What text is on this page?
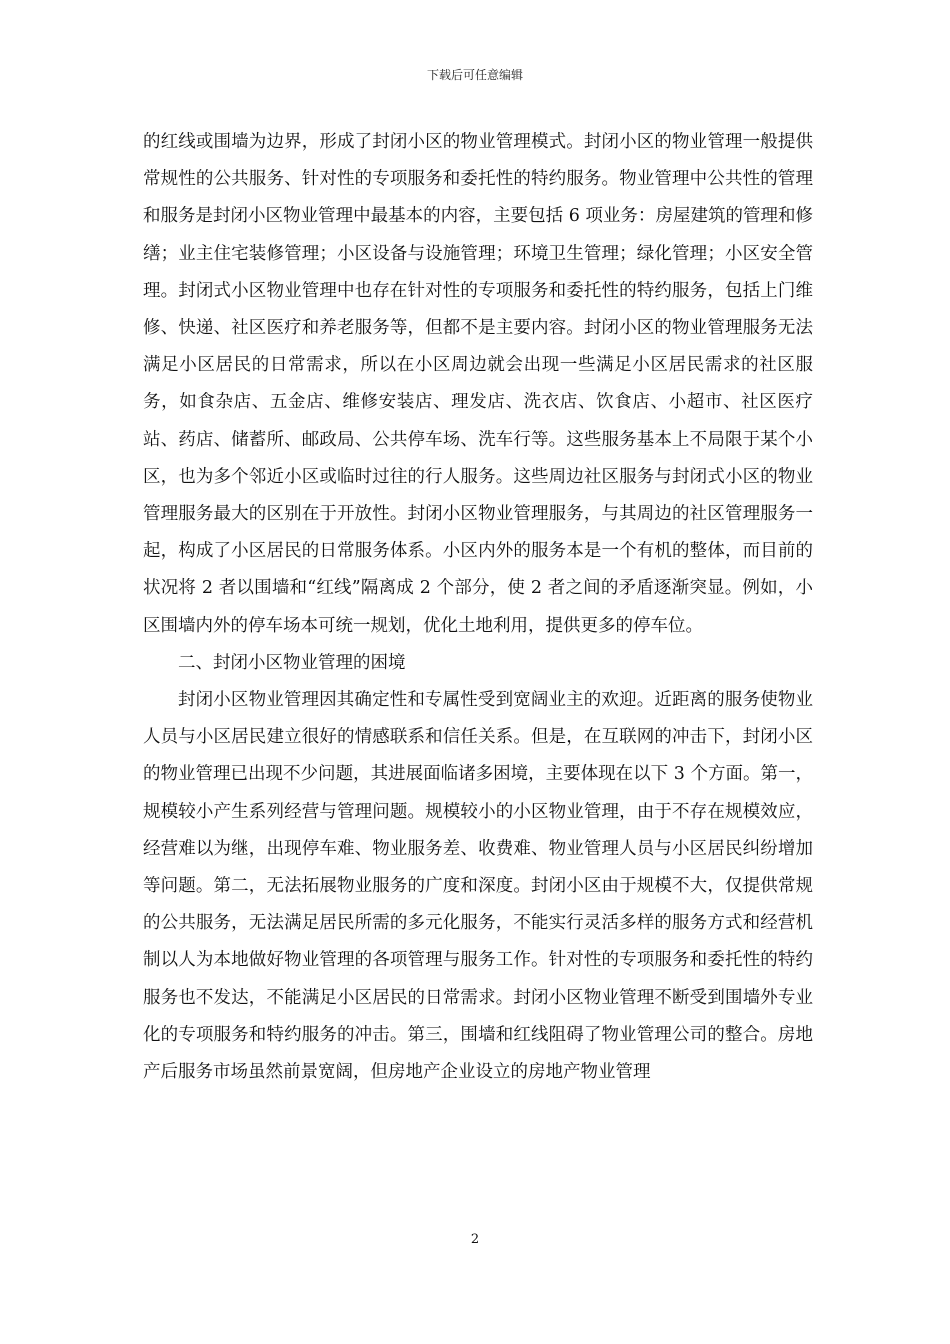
下载后可任意编辑

的红线或围墙为边界，形成了封闭小区的物业管理模式。封闭小区的物业管理一般提供常规性的公共服务、针对性的专项服务和委托性的特约服务。物业管理中公共性的管理和服务是封闭小区物业管理中最基本的内容，主要包括 6 项业务：房屋建筑的管理和修缮；业主住宅装修管理；小区设备与设施管理；环境卫生管理；绿化管理；小区安全管理。封闭式小区物业管理中也存在针对性的专项服务和委托性的特约服务，包括上门维修、快递、社区医疗和养老服务等，但都不是主要内容。封闭小区的物业管理服务无法满足小区居民的日常需求，所以在小区周边就会出现一些满足小区居民需求的社区服务，如食杂店、五金店、维修安装店、理发店、洗衣店、饮食店、小超市、社区医疗站、药店、储蓄所、邮政局、公共停车场、洗车行等。这些服务基本上不局限于某个小区，也为多个邻近小区或临时过往的行人服务。这些周边社区服务与封闭式小区的物业管理服务最大的区别在于开放性。封闭小区物业管理服务，与其周边的社区管理服务一起，构成了小区居民的日常服务体系。小区内外的服务本是一个有机的整体，而目前的状况将 2 者以围墙和“红线”隔离成 2 个部分，使 2 者之间的矛盾逐渐突显。例如，小区围墙内外的停车场本可统一规划，优化土地利用，提供更多的停车位。

二、封闭小区物业管理的困境

封闭小区物业管理因其确定性和专属性受到宽阔业主的欢迎。近距离的服务使物业人员与小区居民建立很好的情感联系和信任关系。但是，在互联网的冲击下，封闭小区的物业管理已出现不少问题，其进展面临诸多困境，主要体现在以下 3 个方面。第一，规模较小产生系列经营与管理问题。规模较小的小区物业管理，由于不存在规模效应，经营难以为继，出现停车难、物业服务差、收费难、物业管理人员与小区居民纠纷增加等问题。第二，无法拓展物业服务的广度和深度。封闭小区由于规模不大，仅提供常规的公共服务，无法满足居民所需的多元化服务，不能实行灵活多样的服务方式和经营机制以人为本地做好物业管理的各项管理与服务工作。针对性的专项服务和委托性的特约服务也不发达，不能满足小区居民的日常需求。封闭小区物业管理不断受到围墙外专业化的专项服务和特约服务的冲击。第三，围墙和红线阻碍了物业管理公司的整合。房地产后服务市场虽然前景宽阔，但房地产企业设立的房地产物业管理

2
